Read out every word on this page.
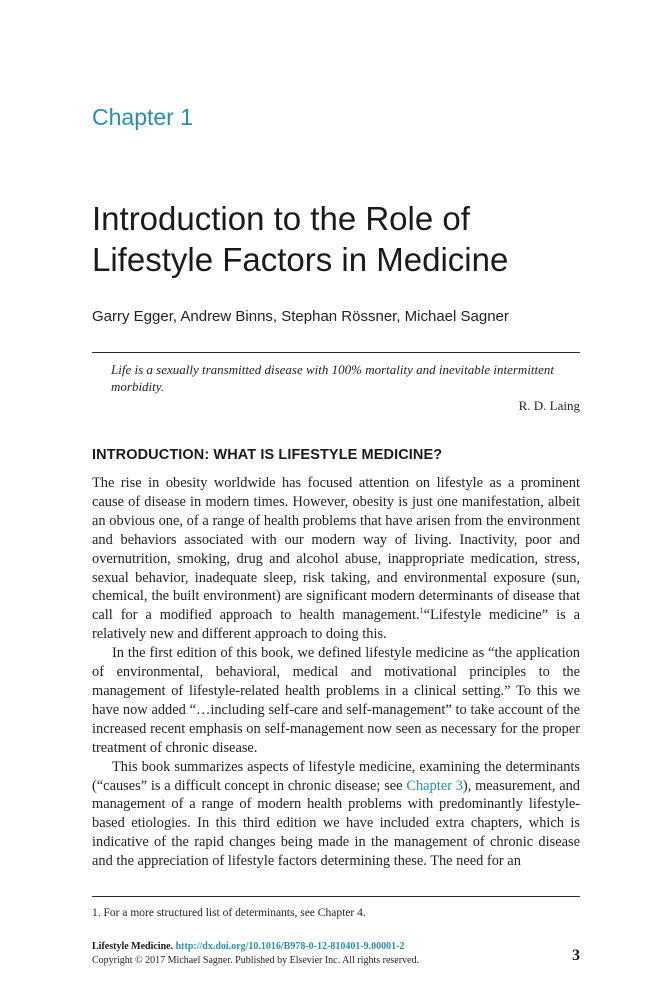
Chapter 1
Introduction to the Role of Lifestyle Factors in Medicine
Garry Egger, Andrew Binns, Stephan Rössner, Michael Sagner

Life is a sexually transmitted disease with 100% mortality and inevitable intermittent morbidity.

R. D. Laing
INTRODUCTION: WHAT IS LIFESTYLE MEDICINE?

The rise in obesity worldwide has focused attention on lifestyle as a prominent cause of disease in modern times. However, obesity is just one manifestation, albeit an obvious one, of a range of health problems that have arisen from the environment and behaviors associated with our modern way of living. Inactivity, poor and overnutrition, smoking, drug and alcohol abuse, inappropriate medication, stress, sexual behavior, inadequate sleep, risk taking, and environmental exposure (sun, chemical, the built environment) are significant modern determinants of disease that call for a modified approach to health management.$^1$“Lifestyle medicine” is a relatively new and different approach to doing this.

In the first edition of this book, we defined lifestyle medicine as “the application of environmental, behavioral, medical and motivational principles to the management of lifestyle-related health problems in a clinical setting.” To this we have now added “…including self-care and self-management” to take account of the increased recent emphasis on self-management now seen as necessary for the proper treatment of chronic disease.

This book summarizes aspects of lifestyle medicine, examining the determinants (“causes” is a difficult concept in chronic disease; see Chapter 3), measurement, and management of a range of modern health problems with predominantly lifestyle-based etiologies. In this third edition we have included extra chapters, which is indicative of the rapid changes being made in the management of chronic disease and the appreciation of lifestyle factors determining these. The need for an

1. For a more structured list of determinants, see Chapter 4.
Lifestyle Medicine. http://dx.doi.org/10.1016/B978-0-12-810401-9.00001-2
Copyright © 2017 Michael Sagner. Published by Elsevier Inc. All rights reserved.	3
